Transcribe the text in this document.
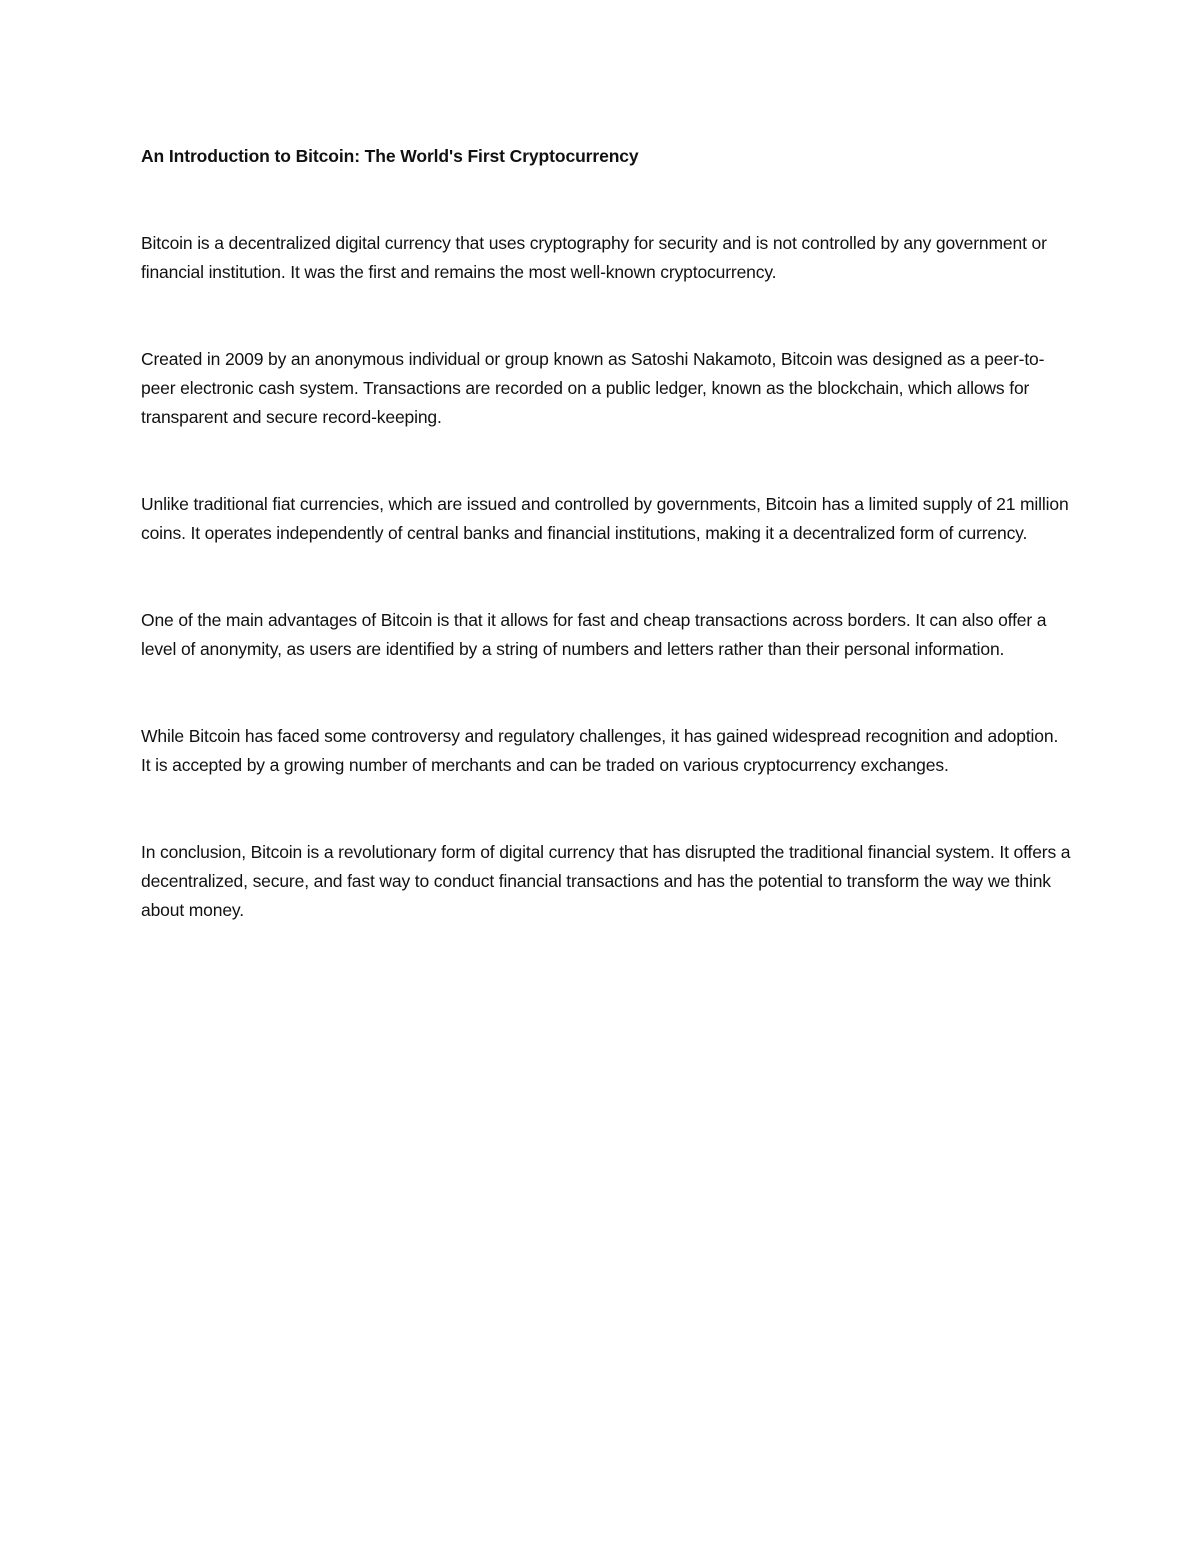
An Introduction to Bitcoin: The World's First Cryptocurrency

Bitcoin is a decentralized digital currency that uses cryptography for security and is not controlled by any government or financial institution. It was the first and remains the most well-known cryptocurrency.

Created in 2009 by an anonymous individual or group known as Satoshi Nakamoto, Bitcoin was designed as a peer-to-peer electronic cash system. Transactions are recorded on a public ledger, known as the blockchain, which allows for transparent and secure record-keeping.

Unlike traditional fiat currencies, which are issued and controlled by governments, Bitcoin has a limited supply of 21 million coins. It operates independently of central banks and financial institutions, making it a decentralized form of currency.

One of the main advantages of Bitcoin is that it allows for fast and cheap transactions across borders. It can also offer a level of anonymity, as users are identified by a string of numbers and letters rather than their personal information.

While Bitcoin has faced some controversy and regulatory challenges, it has gained widespread recognition and adoption. It is accepted by a growing number of merchants and can be traded on various cryptocurrency exchanges.

In conclusion, Bitcoin is a revolutionary form of digital currency that has disrupted the traditional financial system. It offers a decentralized, secure, and fast way to conduct financial transactions and has the potential to transform the way we think about money.
